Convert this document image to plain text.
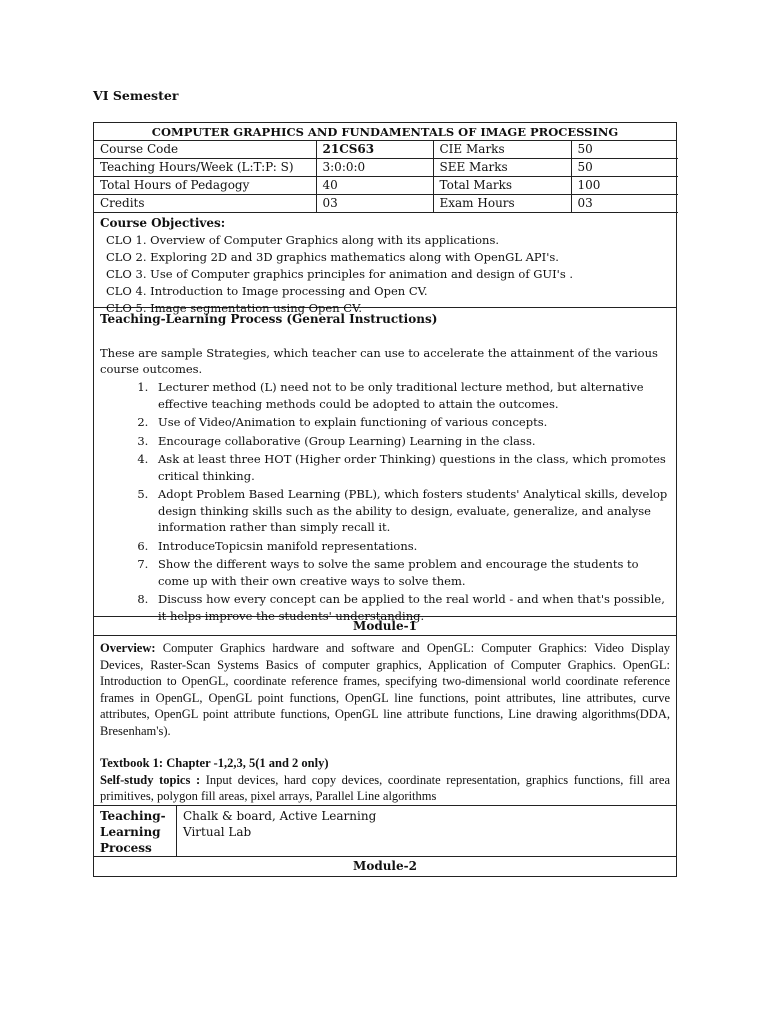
VI Semester
COMPUTER GRAPHICS AND FUNDAMENTALS OF IMAGE PROCESSING
Course Code	21CS63	CIE Marks	50
Teaching Hours/Week (L:T:P: S)	3:0:0:0	SEE Marks	50
Total Hours of Pedagogy	40	Total Marks	100
Credits	03	Exam Hours	03
Course Objectives:
CLO 1. Overview of Computer Graphics along with its applications.
CLO 2. Exploring 2D and 3D graphics mathematics along with OpenGL API's.
CLO 3. Use of Computer graphics principles for animation and design of GUI's .
CLO 4. Introduction to Image processing and Open CV.
CLO 5. Image segmentation using Open CV.
Teaching-Learning Process (General Instructions)
These are sample Strategies, which teacher can use to accelerate the attainment of the various course outcomes.
1. Lecturer method (L) need not to be only traditional lecture method, but alternative effective teaching methods could be adopted to attain the outcomes.
2. Use of Video/Animation to explain functioning of various concepts.
3. Encourage collaborative (Group Learning) Learning in the class.
4. Ask at least three HOT (Higher order Thinking) questions in the class, which promotes critical thinking.
5. Adopt Problem Based Learning (PBL), which fosters students' Analytical skills, develop design thinking skills such as the ability to design, evaluate, generalize, and analyse information rather than simply recall it.
6. IntroduceTopicsin manifold representations.
7. Show the different ways to solve the same problem and encourage the students to come up with their own creative ways to solve them.
8. Discuss how every concept can be applied to the real world - and when that's possible, it helps improve the students' understanding.
Module-1

Overview: Computer Graphics hardware and software and OpenGL: Computer Graphics: Video Display Devices, Raster-Scan Systems Basics of computer graphics, Application of Computer Graphics. OpenGL: Introduction to OpenGL, coordinate reference frames, specifying two-dimensional world coordinate reference frames in OpenGL, OpenGL point functions, OpenGL line functions, point attributes, line attributes, curve attributes, OpenGL point attribute functions, OpenGL line attribute functions, Line drawing algorithms(DDA, Bresenham's).

Textbook 1: Chapter -1,2,3, 5(1 and 2 only)

Self-study topics : Input devices, hard copy devices, coordinate representation, graphics functions, fill area primitives, polygon fill areas, pixel arrays, Parallel Line algorithms

Teaching-Learning Process
Chalk & board, Active Learning
Virtual Lab
Module-2
